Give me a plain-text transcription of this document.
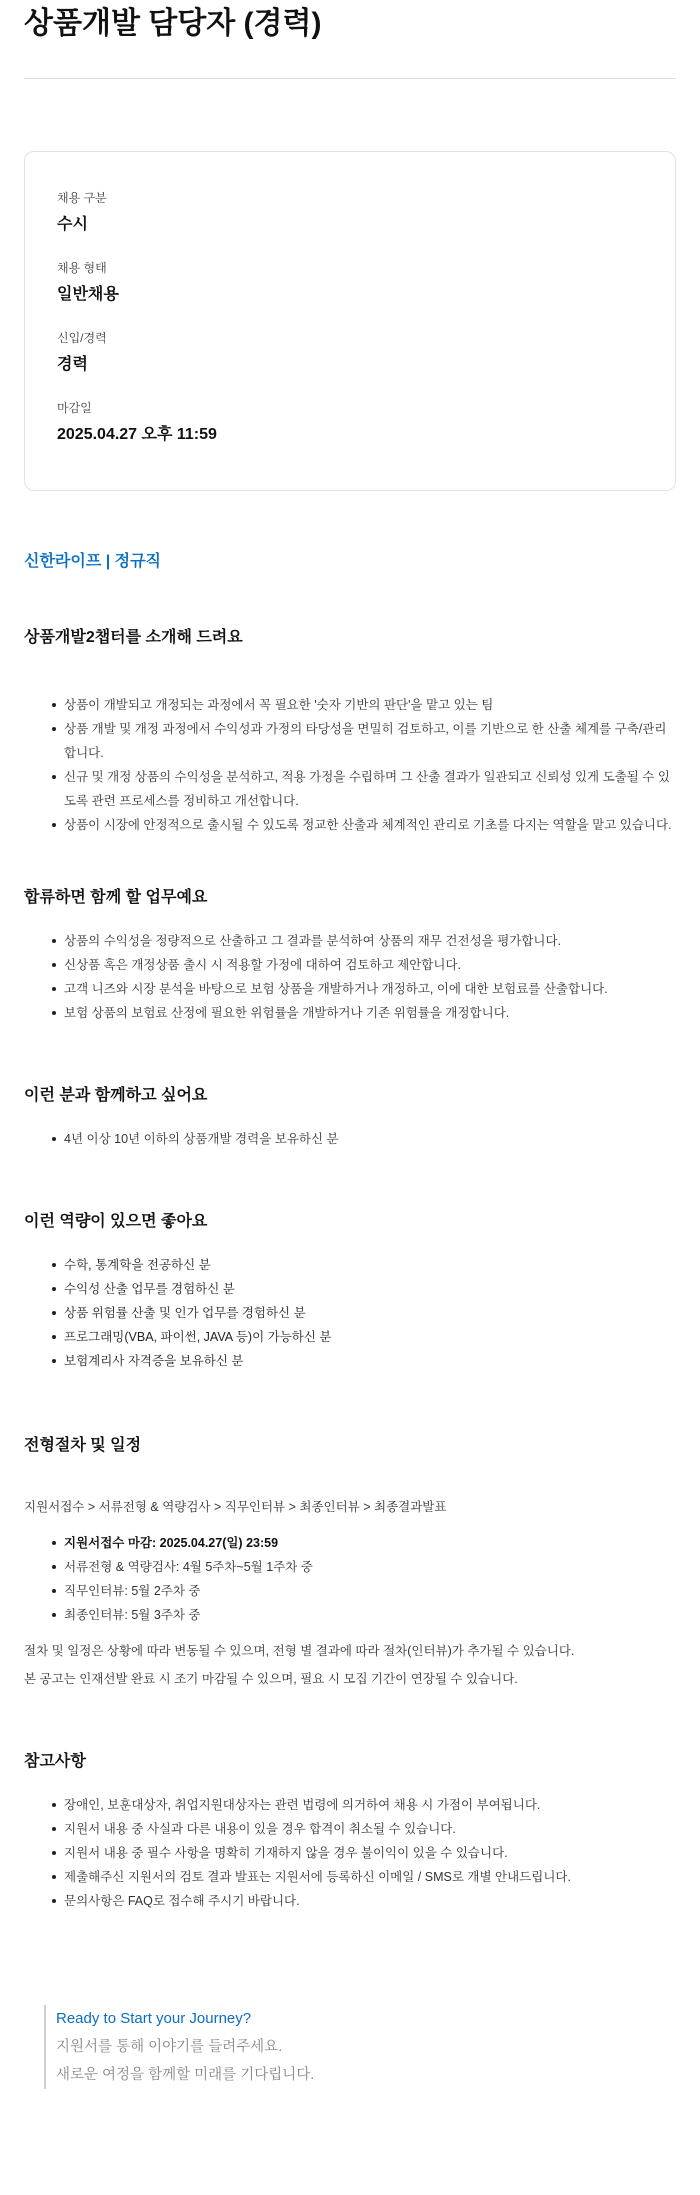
상품개발 담당자 (경력)
채용 구분
수시
채용 형태
일반채용
신입/경력
경력
마감일
2025.04.27 오후 11:59
신한라이프 | 정규직
상품개발2챕터를 소개해 드려요
상품이 개발되고 개정되는 과정에서 꼭 필요한 '숫자 기반의 판단'을 맡고 있는 팀
상품 개발 및 개정 과정에서 수익성과 가정의 타당성을 면밀히 검토하고, 이를 기반으로 한 산출 체계를 구축/관리합니다.
신규 및 개정 상품의 수익성을 분석하고, 적용 가정을 수립하며 그 산출 결과가 일관되고 신뢰성 있게 도출될 수 있도록 관련 프로세스를 정비하고 개선합니다.
상품이 시장에 안정적으로 출시될 수 있도록 정교한 산출과 체계적인 관리로 기초를 다지는 역할을 맡고 있습니다.
합류하면 함께 할 업무예요
상품의 수익성을 정량적으로 산출하고 그 결과를 분석하여 상품의 재무 건전성을 평가합니다.
신상품 혹은 개정상품 출시 시 적용할 가정에 대하여 검토하고 제안합니다.
고객 니즈와 시장 분석을 바탕으로 보험 상품을 개발하거나 개정하고, 이에 대한 보험료를 산출합니다.
보험 상품의 보험료 산정에 필요한 위험률을 개발하거나 기존 위험률을 개정합니다.
이런 분과 함께하고 싶어요
4년 이상 10년 이하의 상품개발 경력을 보유하신 분
이런 역량이 있으면 좋아요
수학, 통계학을 전공하신 분
수익성 산출 업무를 경험하신 분
상품 위험률 산출 및 인가 업무를 경험하신 분
프로그래밍(VBA, 파이썬, JAVA 등)이 가능하신 분
보험계리사 자격증을 보유하신 분
전형절차 및 일정

지원서접수 > 서류전형 & 역량검사 > 직무인터뷰 > 최종인터뷰 > 최종결과발표

지원서접수 마감: 2025.04.27(일) 23:59
서류전형 & 역량검사: 4월 5주차~5월 1주차 중
직무인터뷰: 5월 2주차 중
최종인터뷰: 5월 3주차 중

절차 및 일정은 상황에 따라 변동될 수 있으며, 전형 별 결과에 따라 절차(인터뷰)가 추가될 수 있습니다.

본 공고는 인재선발 완료 시 조기 마감될 수 있으며, 필요 시 모집 기간이 연장될 수 있습니다.

참고사항
장애인, 보훈대상자, 취업지원대상자는 관련 법령에 의거하여 채용 시 가점이 부여됩니다.
지원서 내용 중 사실과 다른 내용이 있을 경우 합격이 취소될 수 있습니다.
지원서 내용 중 필수 사항을 명확히 기재하지 않을 경우 불이익이 있을 수 있습니다.
제출해주신 지원서의 검토 결과 발표는 지원서에 등록하신 이메일 / SMS로 개별 안내드립니다.
문의사항은 FAQ로 접수해 주시기 바랍니다.
Ready to Start your Journey?
지원서를 통해 이야기를 들려주세요.
새로운 여정을 함께할 미래를 기다립니다.
